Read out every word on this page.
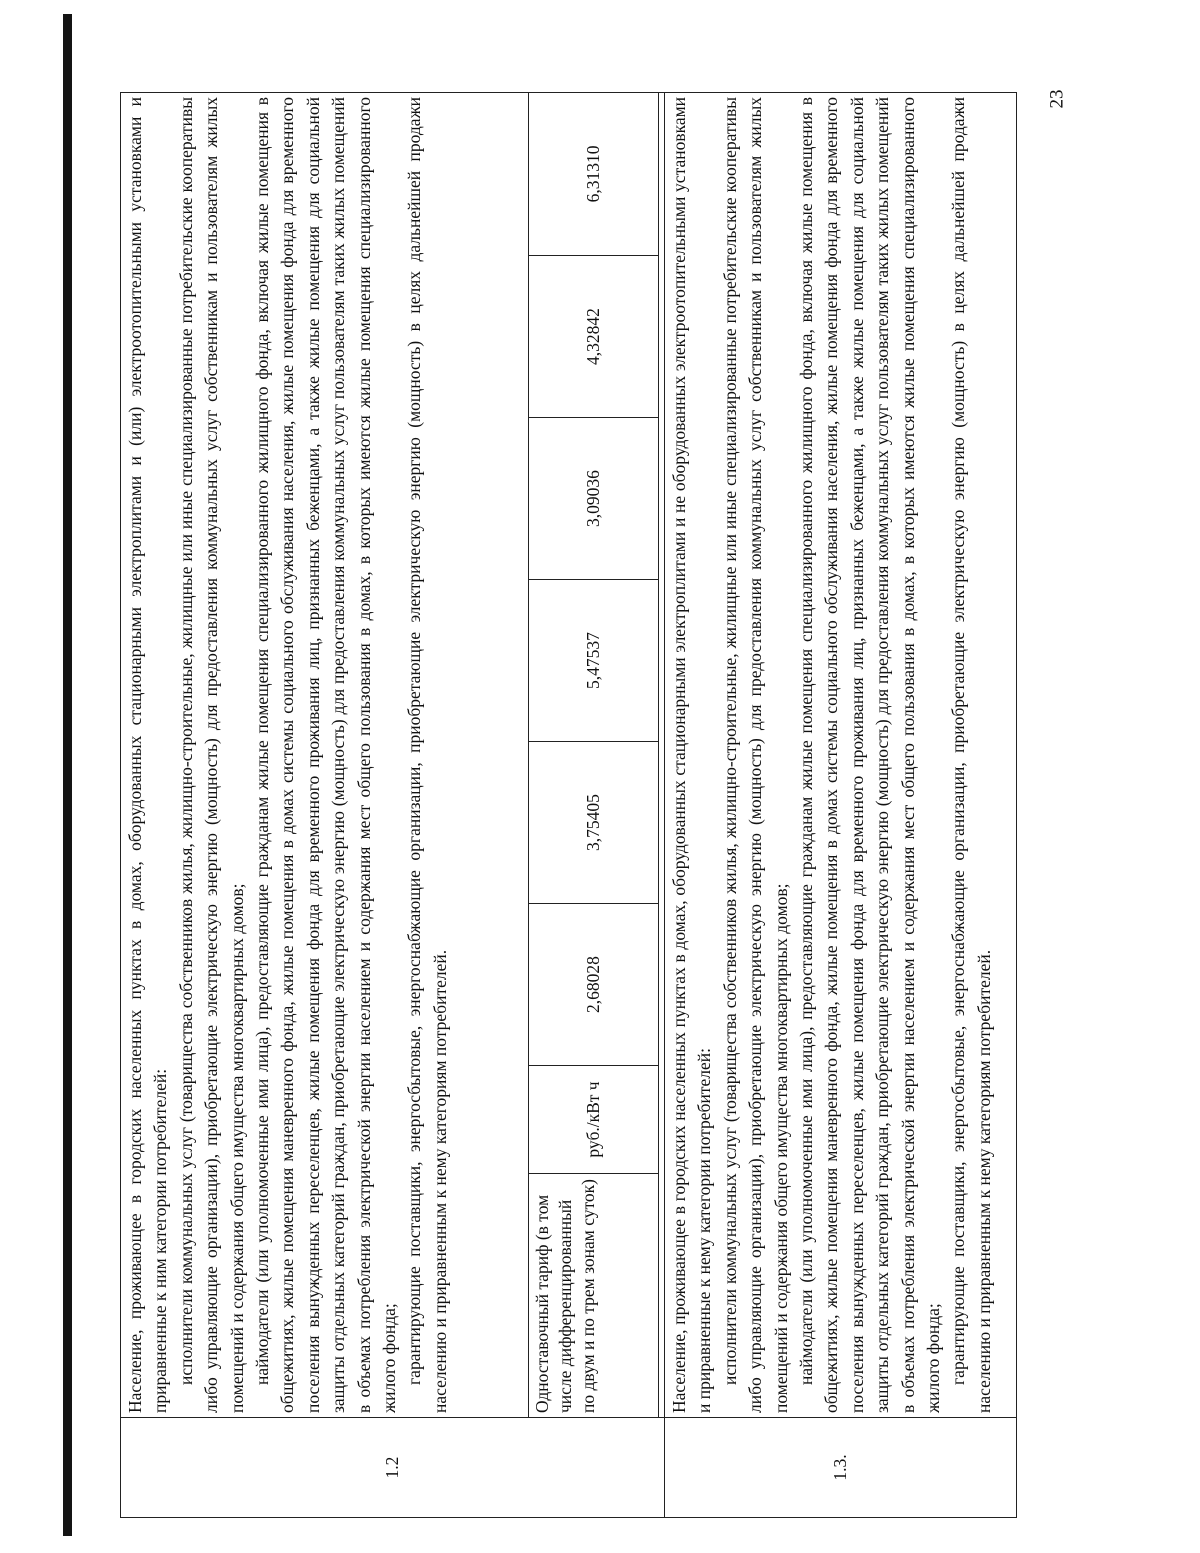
23
1.2	Население, проживающее в городских населенных пунктах в домах, оборудованных стационарными электроплитами и (или) электроотопительными установками и приравненные к ним категории потребителей: исполнители коммунальных услуг (товарищества собственников жилья, жилищно-строительные, жилищные или иные специализированные потребительские кооперативы либо управляющие организации), приобретающие электрическую энергию (мощность) для предоставления коммунальных услуг собственникам и пользователям жилых помещений и содержания общего имущества многоквартирных домов; наймодатели (или уполномоченные ими лица), предоставляющие гражданам жилые помещения специализированного жилищного фонда, включая жилые помещения в общежитиях, жилые помещения маневренного фонда, жилые помещения в домах системы социального обслуживания населения, жилые помещения фонда для временного поселения вынужденных переселенцев, жилые помещения фонда для временного проживания лиц, признанных беженцами, а также жилые помещения для социальной защиты отдельных категорий граждан, приобретающие электрическую энергию (мощность) для предоставления коммунальных услуг пользователям таких жилых помещений в объемах потребления электрической энергии населением и содержания мест общего пользования в домах, в которых имеются жилые помещения специализированного жилого фонда; гарантирующие поставщики, энергосбытовые, энергоснабжающие организации, приобретающие электрическую энергию (мощность) в целях дальнейшей продажи населению и приравненным к нему категориям потребителей.							

	Одноставочный тариф (в том числе дифференцированный по двум и по трем зонам суток)	руб./кВт ч	2,68028	3,75405	5,47537	3,09036	4,32842	6,31310

1.3.	Население, проживающее в городских населенных пунктах в домах, оборудованных стационарными электроплитами и не оборудованных электроотопительными установками и приравненные к нему категории потребителей: исполнители коммунальных услуг (товарищества собственников жилья, жилищно-строительные, жилищные или иные специализированные потребительские кооперативы либо управляющие организации), приобретающие электрическую энергию (мощность) для предоставления коммунальных услуг собственникам и пользователям жилых помещений и содержания общего имущества многоквартирных домов; наймодатели (или уполномоченные ими лица), предоставляющие гражданам жилые помещения специализированного жилищного фонда, включая жилые помещения в общежитиях, жилые помещения маневренного фонда, жилые помещения в домах системы социального обслуживания населения, жилые помещения фонда для временного поселения вынужденных переселенцев, жилые помещения фонда для временного проживания лиц, признанных беженцами, а также жилые помещения для социальной защиты отдельных категорий граждан, приобретающие электрическую энергию (мощность) для предоставления коммунальных услуг пользователям таких жилых помещений в объемах потребления электрической энергии населением и содержания мест общего пользования в домах, в которых имеются жилые помещения специализированного жилого фонда; гарантирующие поставщики, энергосбытовые, энергоснабжающие организации, приобретающие электрическую энергию (мощность) в целях дальнейшей продажи населению и приравненным к нему категориям потребителей.							
